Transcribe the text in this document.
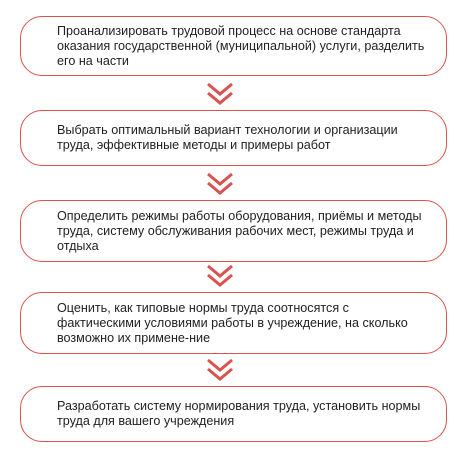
Проанализировать трудовой процесс на основе стандарта оказания государственной (муниципальной) услуги, разделить его на части
Выбрать оптимальный вариант технологии и организации труда, эффективные методы и примеры работ
Определить режимы работы оборудования, приёмы и методы труда, систему обслуживания рабочих мест, режимы труда и отдыха
Оценить, как типовые нормы труда соотносятся с фактическими условиями работы в учреждение, на сколько возможно их примене-ние
Разработать систему нормирования труда, установить нормы труда для вашего учреждения
